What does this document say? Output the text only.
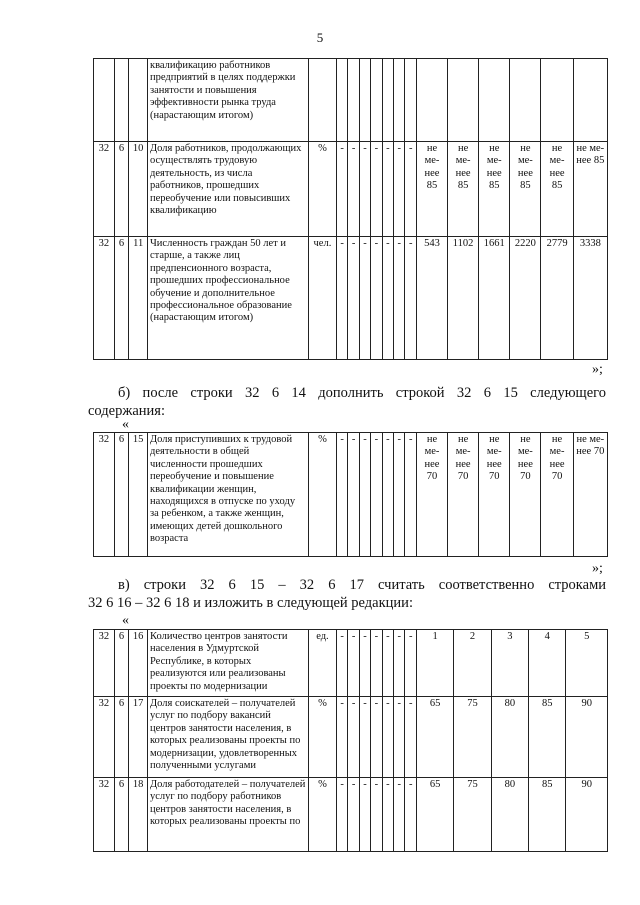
5
			квалификацию работников предприятий в целях поддержки занятости и повышения эффективности рынка труда (нарастающим итогом)														
32	6	10	Доля работников, продолжающих осуществлять трудовую деятельность, из числа работников, прошедших переобучение или повысивших квалификацию	%	-	-	-	-	-	-	-	не ме-нее 85	не ме-нее 85	не ме-нее 85	не ме-нее 85	не ме-нее 85	не ме-нее 85
32	6	11	Численность граждан 50 лет и старше, а также лиц предпенсионного возраста, прошедших профессиональное обучение и дополнительное профессиональное образование (нарастающим итогом)	чел.	-	-	-	-	-	-	-	543	1102	1661	2220	2779	3338
»;
б) после строки 32 6 14 дополнить строкой 32 6 15 следующего
содержания:
«
32	6	15	Доля приступивших к трудовой деятельности в общей численности прошедших переобучение и повышение квалификации женщин, находящихся в отпуске по уходу за ребенком, а также женщин, имеющих детей дошкольного возраста	%	-	-	-	-	-	-	-	не ме-нее 70	не ме-нее 70	не ме-нее 70	не ме-нее 70	не ме-нее 70	не ме-нее 70
»;
в) строки 32 6 15 – 32 6 17 считать соответственно строками
32 6 16 – 32 6 18 и изложить в следующей редакции:
«
32	6	16	Количество центров занятости населения в Удмуртской Республике, в которых реализуются или реализованы проекты по модернизации	ед.	-	-	-	-	-	-	-	1	2	3	4	5
32	6	17	Доля соискателей – получателей услуг по подбору вакансий центров занятости населения, в которых реализованы проекты по модернизации, удовлетворенных полученными услугами	%	-	-	-	-	-	-	-	65	75	80	85	90
32	6	18	Доля работодателей – получателей услуг по подбору работников центров занятости населения, в которых реализованы проекты по	%	-	-	-	-	-	-	-	65	75	80	85	90
